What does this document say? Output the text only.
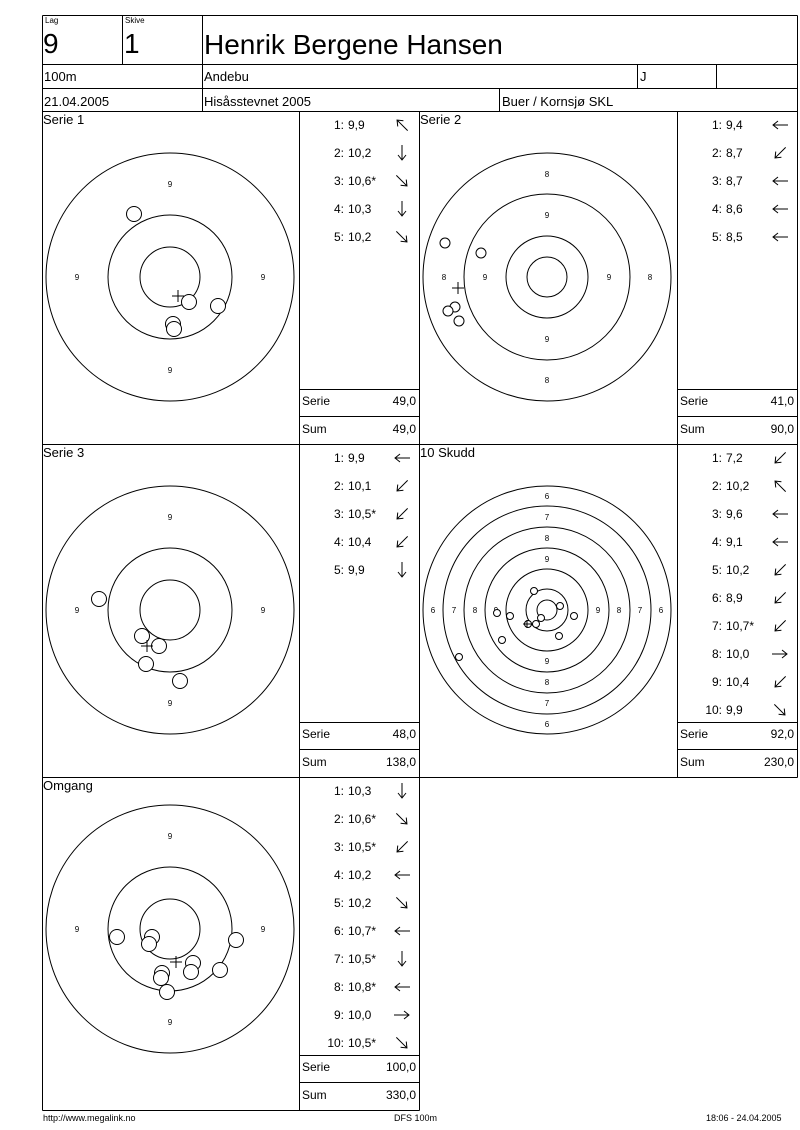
Lag
9
Skive
1 Henrik Bergene Hansen
100m	Andebu	J
21.04.2005	Hisåsstevnet 2005	Buer / Kornsjø SKL
Serie 1	Serie 2
Serie 3	10 Skudd
Omgang
9
9
9	9
8
8
8	8
9
9
9	9
9
9
9	9
6
6
6	6
7
7
7	7
8
8
8	8
9
9
9
9
9
9	9
1: 9,9
2: 10,2
3: 10,6*
4: 10,3
5: 10,2
Serie	49,0
Sum	49,0
1: 9,4
2: 8,7
3: 8,7
4: 8,6
5: 8,5
Serie	41,0
Sum	90,0
1: 9,9
2: 10,1
3: 10,5*
4: 10,4
5: 9,9
Serie	48,0
Sum	138,0
1: 7,2
2: 10,2
3: 9,6
4: 9,1
5: 10,2
6: 8,9
7: 10,7*
8: 10,0
9: 10,4
10: 9,9
Serie	92,0
Sum	230,0
1: 10,3
2: 10,6*
3: 10,5*
4: 10,2
5: 10,2
6: 10,7*
7: 10,5*
8: 10,8*
9: 10,0
10: 10,5*
Serie	100,0
Sum	330,0
http://www.megalink.no	DFS 100m	18:06 - 24.04.2005
